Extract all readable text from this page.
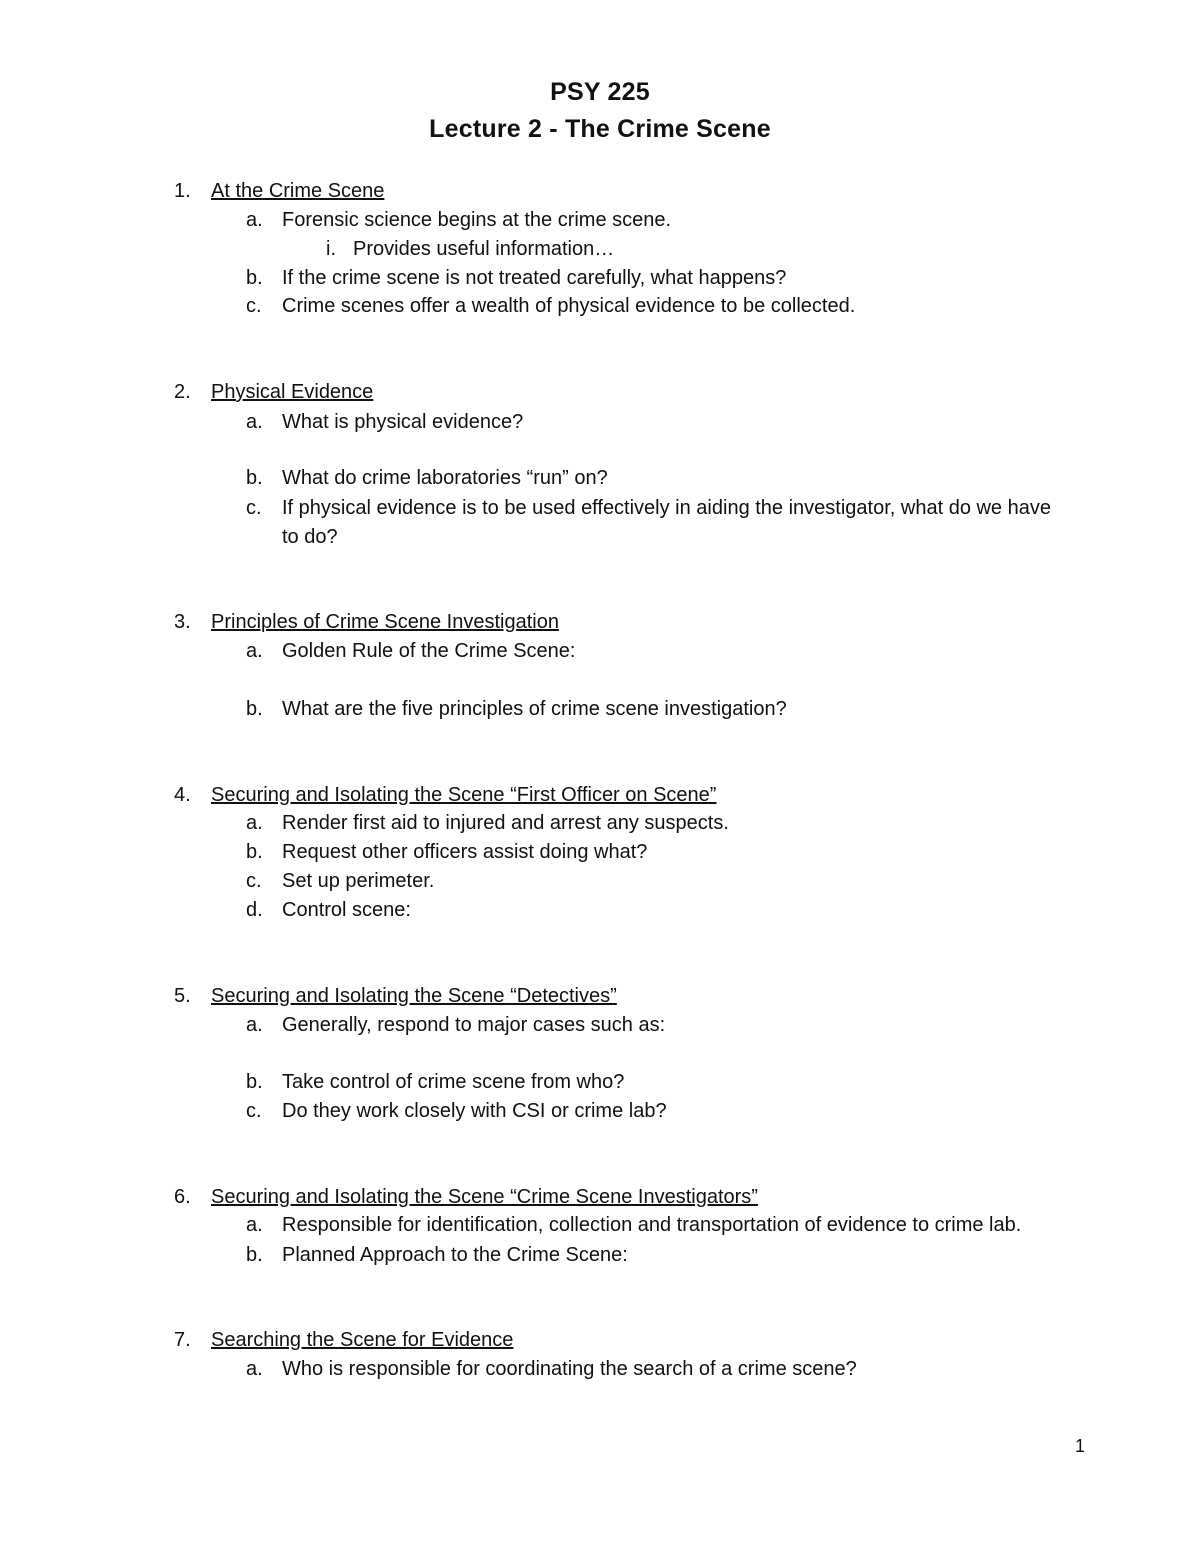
PSY 225
Lecture 2 - The Crime Scene
1. At the Crime Scene
a. Forensic science begins at the crime scene.
i. Provides useful information…
b. If the crime scene is not treated carefully, what happens?
c. Crime scenes offer a wealth of physical evidence to be collected.
2. Physical Evidence
a. What is physical evidence?
b. What do crime laboratories “run” on?
c. If physical evidence is to be used effectively in aiding the investigator, what do we have
to do?
3. Principles of Crime Scene Investigation
a. Golden Rule of the Crime Scene:
b. What are the five principles of crime scene investigation?
4. Securing and Isolating the Scene “First Officer on Scene”
a. Render first aid to injured and arrest any suspects.
b. Request other officers assist doing what?
c. Set up perimeter.
d. Control scene:
5. Securing and Isolating the Scene “Detectives”
a. Generally, respond to major cases such as:
b. Take control of crime scene from who?
c. Do they work closely with CSI or crime lab?
6. Securing and Isolating the Scene “Crime Scene Investigators”
a. Responsible for identification, collection and transportation of evidence to crime lab.
b. Planned Approach to the Crime Scene:
7. Searching the Scene for Evidence
a. Who is responsible for coordinating the search of a crime scene?
1
